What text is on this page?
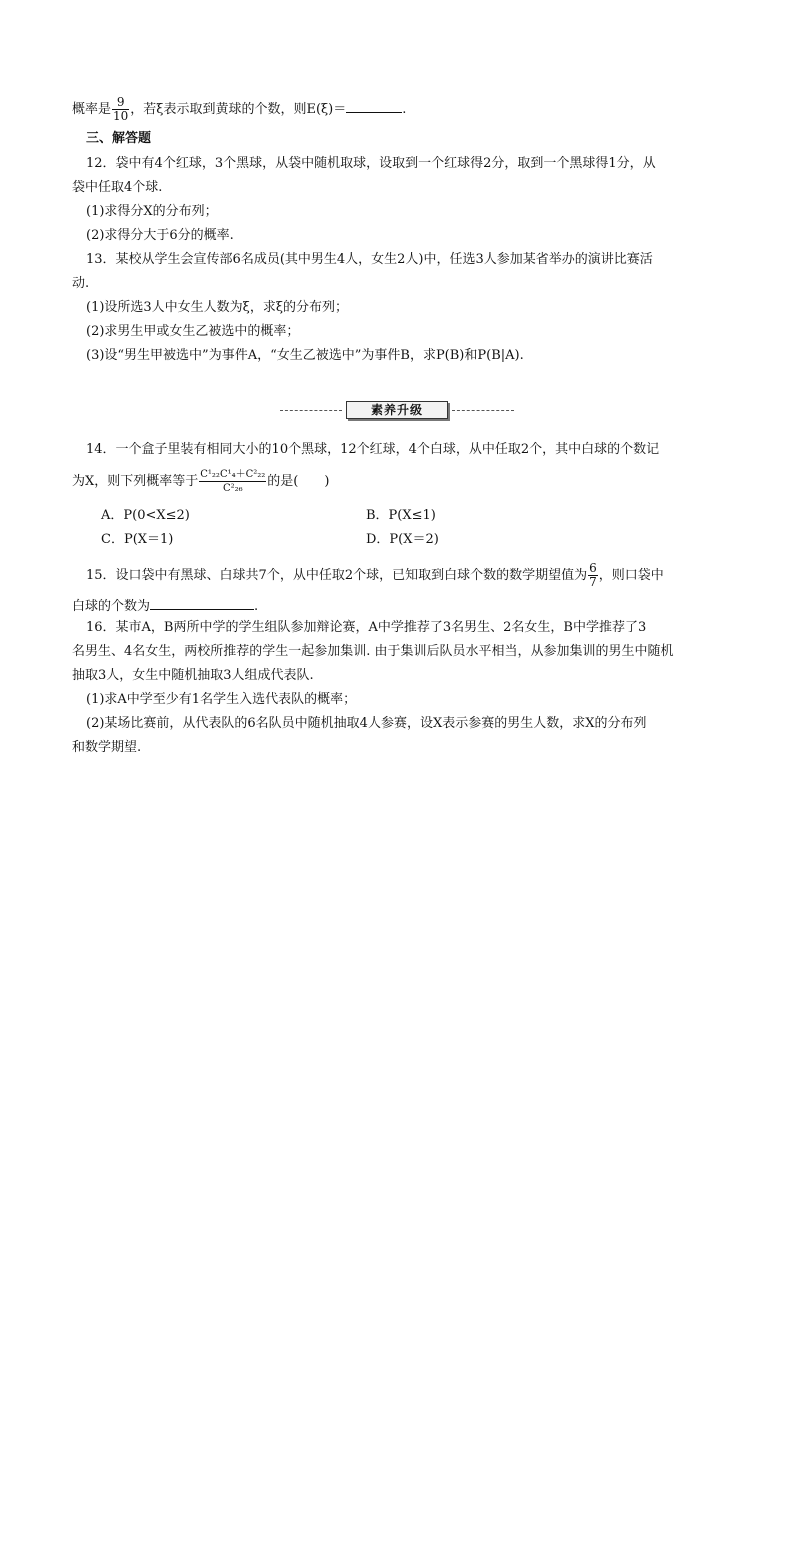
概率是 $\frac{9}{10}$ ，若ξ表示取到黄球的个数，则E(ξ)＝	.
三、解答题
12．袋中有4个红球，3个黑球，从袋中随机取球，设取到一个红球得2分，取到一个黑球得1分，从
袋中任取4个球.
(1)求得分X的分布列；
(2)求得分大于6分的概率.
13．某校从学生会宣传部6名成员(其中男生4人，女生2人)中，任选3人参加某省举办的演讲比赛活
动.
(1)设所选3人中女生人数为ξ，求ξ的分布列；
(2)求男生甲或女生乙被选中的概率；
(3)设“男生甲被选中”为事件A，“女生乙被选中”为事件B，求P(B)和P(B|A).
素养升级
14．一个盒子里装有相同大小的10个黑球，12个红球，4个白球，从中任取2个，其中白球的个数记
为X，则下列概率等于 $\frac{\text{C¹₂₂C¹₄＋C²₂₂}}{\text{C²₂₆}}$ 的是(　　)
A．P(0<X≤2)	B．P(X≤1)
C．P(X＝1)	D．P(X＝2)
15．设口袋中有黑球、白球共7个，从中任取2个球，已知取到白球个数的数学期望值为 $\frac{6}{7}$ ，则口袋中
白球的个数为	.
16．某市A，B两所中学的学生组队参加辩论赛，A中学推荐了3名男生、2名女生，B中学推荐了3
名男生、4名女生，两校所推荐的学生一起参加集训. 由于集训后队员水平相当，从参加集训的男生中随机
抽取3人，女生中随机抽取3人组成代表队.
(1)求A中学至少有1名学生入选代表队的概率；
(2)某场比赛前，从代表队的6名队员中随机抽取4人参赛，设X表示参赛的男生人数，求X的分布列
和数学期望.
